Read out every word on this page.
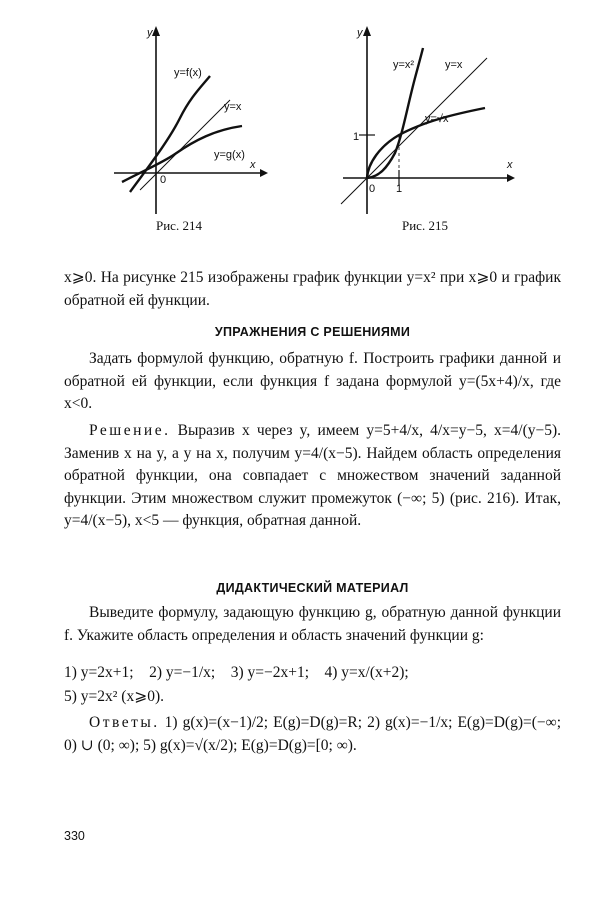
y
x
0
y=f(x)
y=x
y=g(x)
Рис. 214
y
x
0 1
1
y=x²	y=x
y=√x
Рис. 215
x⩾0. На рисунке 215 изображены график функции y=x² при x⩾0 и график обратной ей функции.
УПРАЖНЕНИЯ С РЕШЕНИЯМИ
Задать формулой функцию, обратную f. Построить графики данной и обратной ей функции, если функция f задана формулой y=(5x+4)/x, где x<0.
Решение. Выразив x через y, имеем y=5+4/x, 4/x=y−5, x=4/(y−5). Заменив x на y, а y на x, получим y=4/(x−5). Найдем область определения обратной функции, она совпадает с множеством значений заданной функции. Этим множеством служит промежуток (−∞; 5) (рис. 216). Итак, y=4/(x−5), x<5 — функция, обратная данной.
ДИДАКТИЧЕСКИЙ МАТЕРИАЛ
Выведите формулу, задающую функцию g, обратную данной функции f. Укажите область определения и область значений функции g:
1) y=2x+1;    2) y=−1/x;    3) y=−2x+1;    4) y=x/(x+2);
5) y=2x² (x⩾0).
Ответы. 1) g(x)=(x−1)/2; E(g)=D(g)=R; 2) g(x)=−1/x; E(g)=D(g)=(−∞; 0) ∪ (0; ∞); 5) g(x)=√(x/2); E(g)=D(g)=[0; ∞).
330
